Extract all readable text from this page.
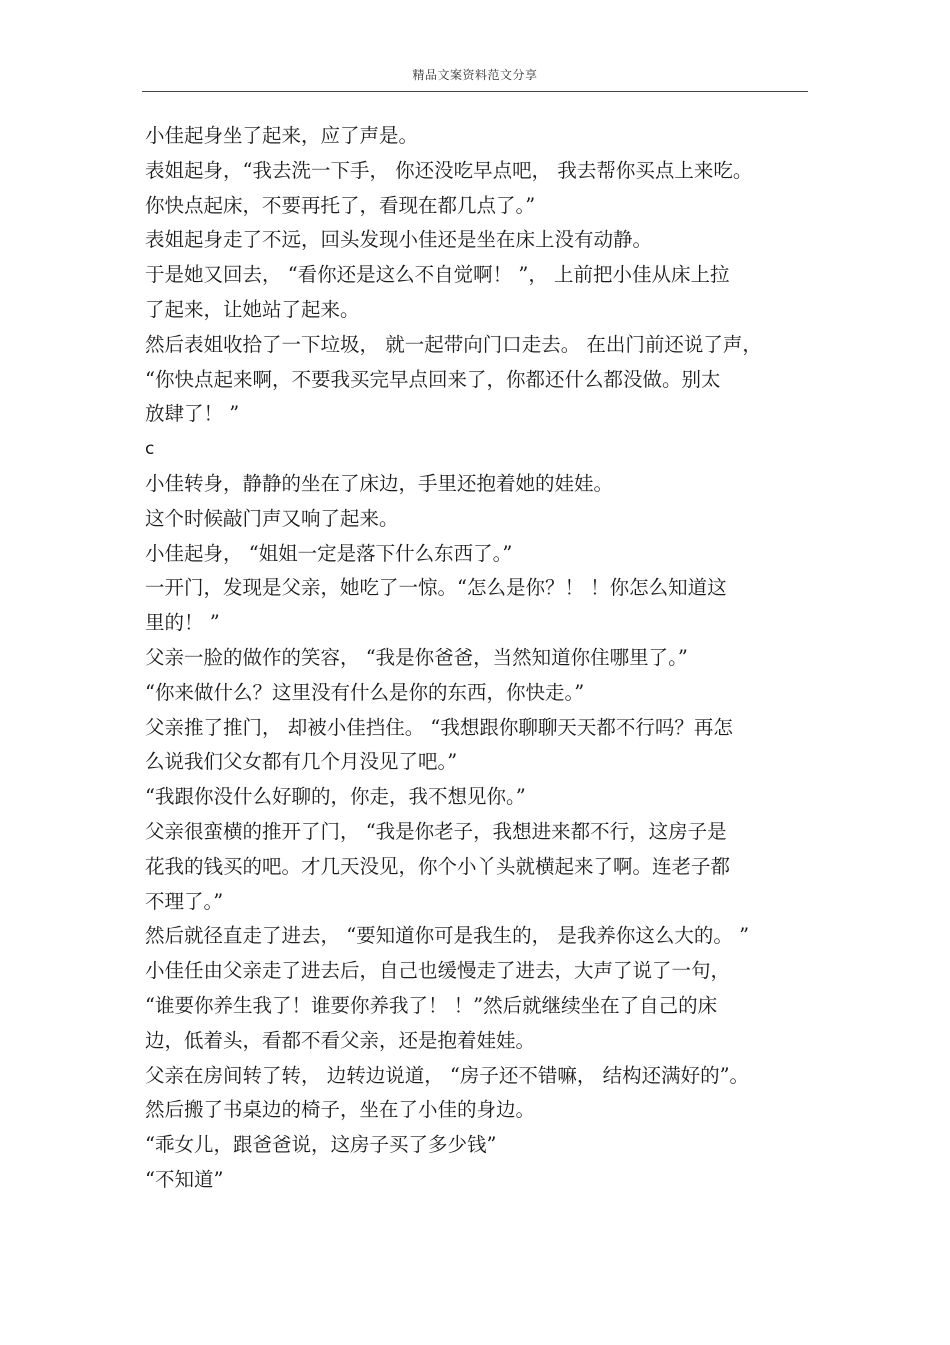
精品文案资料范文分享
小佳起身坐了起来，应了声是。
表姐起身，“我去洗一下手， 你还没吃早点吧， 我去帮你买点上来吃。
你快点起床，不要再托了，看现在都几点了。”
表姐起身走了不远，回头发现小佳还是坐在床上没有动静。
于是她又回去， “看你还是这么不自觉啊！ ”， 上前把小佳从床上拉
了起来，让她站了起来。
然后表姐收拾了一下垃圾， 就一起带向门口走去。 在出门前还说了声，
“你快点起来啊，不要我买完早点回来了，你都还什么都没做。别太
放肆了！ ”
c
小佳转身，静静的坐在了床边，手里还抱着她的娃娃。
这个时候敲门声又响了起来。
小佳起身， “姐姐一定是落下什么东西了。”
一开门，发现是父亲，她吃了一惊。“怎么是你？！ ！你怎么知道这
里的！ ”
父亲一脸的做作的笑容， “我是你爸爸，当然知道你住哪里了。”
“你来做什么？这里没有什么是你的东西，你快走。”
父亲推了推门， 却被小佳挡住。 “我想跟你聊聊天天都不行吗？再怎
么说我们父女都有几个月没见了吧。”
“我跟你没什么好聊的，你走，我不想见你。”
父亲很蛮横的推开了门， “我是你老子，我想进来都不行，这房子是
花我的钱买的吧。才几天没见，你个小丫头就横起来了啊。连老子都
不理了。”
然后就径直走了进去， “要知道你可是我生的， 是我养你这么大的。 ”
小佳任由父亲走了进去后，自己也缓慢走了进去，大声了说了一句，
“谁要你养生我了！谁要你养我了！ ！”然后就继续坐在了自己的床
边，低着头，看都不看父亲，还是抱着娃娃。
父亲在房间转了转， 边转边说道， “房子还不错嘛， 结构还满好的”。
然后搬了书桌边的椅子，坐在了小佳的身边。
“乖女儿，跟爸爸说，这房子买了多少钱”
“不知道”
